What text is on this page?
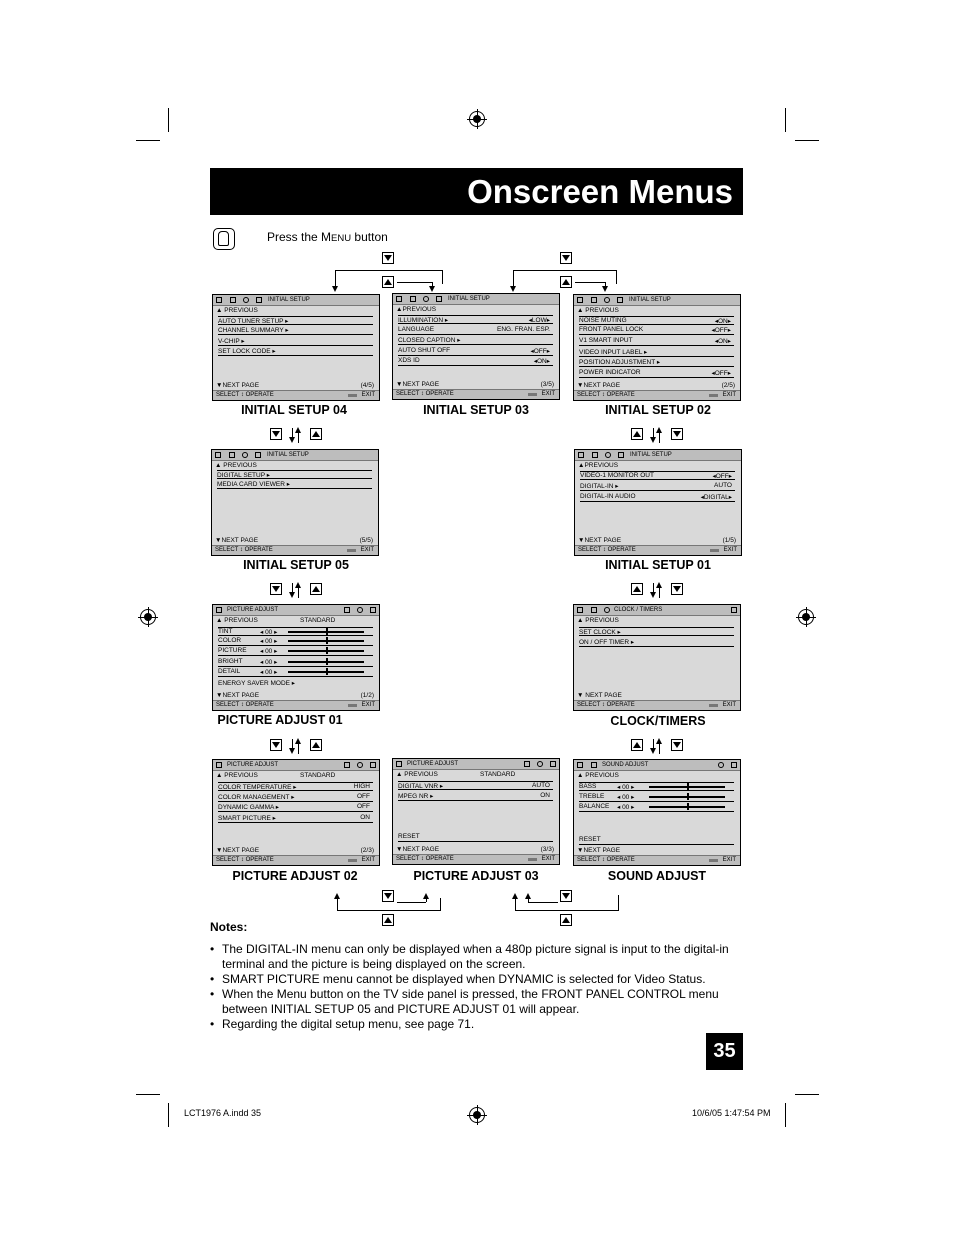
Onscreen Menus
Press the MENU button
INITIAL SETUP
▲ PREVIOUS
AUTO TUNER SETUP ▸
CHANNEL SUMMARY ▸
V-CHIP ▸
SET LOCK CODE ▸
▼NEXT PAGE	(4/5)
SELECT ↕ OPERATE	EXIT
INITIAL SETUP 04
INITIAL SETUP
▲PREVIOUS
ILLUMINATION ▸	◂LOW▸
LANGUAGE	ENG. FRAN. ESP.
CLOSED CAPTION ▸
AUTO SHUT OFF	◂OFF▸
XDS ID	◂ON▸
▼NEXT PAGE	(3/5)
SELECT ↕ OPERATE	EXIT
INITIAL SETUP 03
INITIAL SETUP
▲ PREVIOUS
NOISE MUTING	◂ON▸
FRONT PANEL LOCK	◂OFF▸
V1 SMART INPUT	◂ON▸
VIDEO INPUT LABEL ▸
POSITION ADJUSTMENT ▸
POWER INDICATOR	◂OFF▸
▼NEXT PAGE	(2/5)
SELECT ↕ OPERATE	EXIT
INITIAL SETUP 02
INITIAL SETUP
▲ PREVIOUS
DIGITAL SETUP ▸
MEDIA CARD VIEWER ▸
▼NEXT PAGE	(5/5)
SELECT ↕ OPERATE	EXIT
INITIAL SETUP 05
INITIAL SETUP
▲PREVIOUS
VIDEO-1 MONITOR OUT	◂OFF▸
DIGITAL-IN ▸	AUTO
DIGITAL-IN AUDIO	◂DIGITAL▸
▼NEXT PAGE	(1/5)
SELECT ↕ OPERATE	EXIT
INITIAL SETUP 01
PICTURE ADJUST
▲ PREVIOUS	STANDARD
TINT	◂ 00 ▸
COLOR	◂ 00 ▸
PICTURE ◂ 00 ▸
BRIGHT	◂ 00 ▸
DETAIL	◂ 00 ▸
ENERGY SAVER MODE ▸
▼NEXT PAGE	(1/2)
SELECT ↕ OPERATE	EXIT
PICTURE ADJUST 01
CLOCK / TIMERS
▲ PREVIOUS
SET CLOCK ▸
ON / OFF TIMER ▸
▼ NEXT PAGE
SELECT ↕ OPERATE	EXIT
CLOCK/TIMERS
PICTURE ADJUST
▲ PREVIOUS	STANDARD
COLOR TEMPERATURE ▸	HIGH
COLOR MANAGEMENT ▸	OFF
DYNAMIC GAMMA ▸	OFF
SMART PICTURE ▸	ON
▼NEXT PAGE	(2/3)
SELECT ↕ OPERATE	EXIT
PICTURE ADJUST 02
PICTURE ADJUST
▲ PREVIOUS	STANDARD
DIGITAL VNR ▸	AUTO
MPEG NR ▸	ON
RESET
▼NEXT PAGE	(3/3)
SELECT ↕ OPERATE	EXIT
PICTURE ADJUST 03
SOUND ADJUST
▲ PREVIOUS
BASS	◂ 00 ▸
TREBLE ◂ 00 ▸
BALANCE ◂ 00 ▸
RESET
▼NEXT PAGE
SELECT ↕ OPERATE	EXIT
SOUND ADJUST
Notes:
• The DIGITAL-IN menu can only be displayed when a 480p picture signal is input to the digital-in terminal and the picture is being displayed on the screen.
• SMART PICTURE menu cannot be displayed when DYNAMIC is selected for Video Status.
• When the Menu button on the TV side panel is pressed, the FRONT PANEL CONTROL menu between INITIAL SETUP 05 and PICTURE ADJUST 01 will appear.
• Regarding the digital setup menu, see page 71.
35
LCT1976 A.indd 35	10/6/05 1:47:54 PM
